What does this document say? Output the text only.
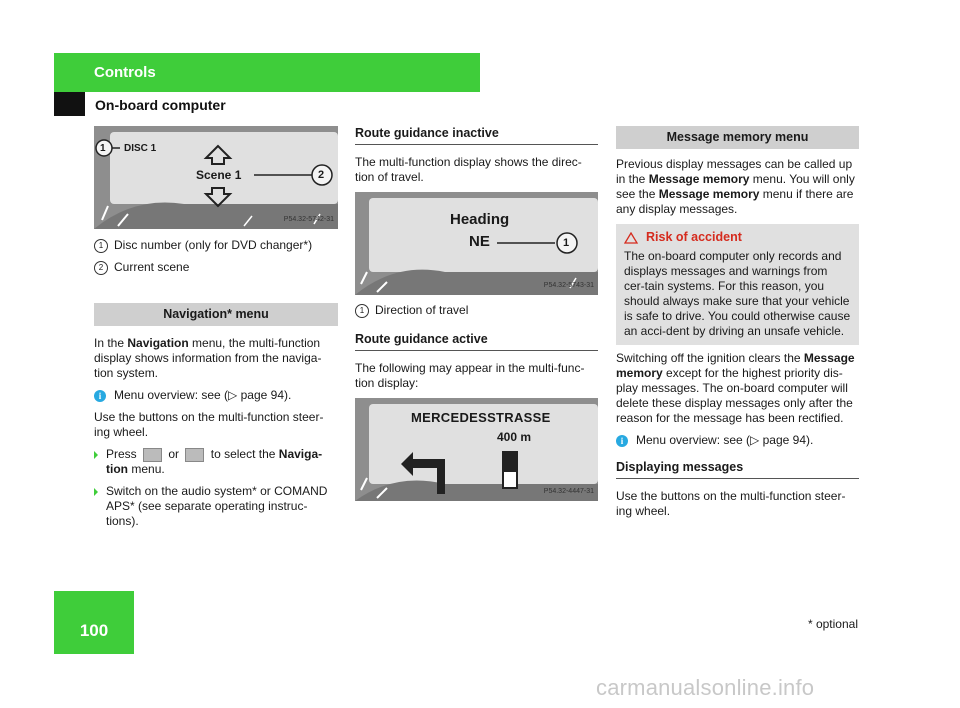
Controls
On-board computer
DISC 1
Scene 1
1
2
P54.32-5742-31
1 Disc number (only for DVD changer*)
2 Current scene
Navigation* menu

In the Navigation menu, the multi-function display shows information from the naviga-tion system.

i	Menu overview: see (▷ page 94).

Use the buttons on the multi-function steer-ing wheel.

Press	or	to select the Naviga-tion menu.
Switch on the audio system* or COMAND APS* (see separate operating instruc-tions).
Route guidance inactive

The multi-function display shows the direc-tion of travel.

Heading
NE	1
P54.32-5743-31
1 Direction of travel
Route guidance active

The following may appear in the multi-func-tion display:

MERCEDESSTRASSE
400 m
P54.32-4447-31
Message memory menu

Previous display messages can be called up in the Message memory menu. You will only see the Message memory menu if there are any display messages.

Risk of accident
The on-board computer only records and displays messages and warnings from cer-tain systems. For this reason, you should always make sure that your vehicle is safe to drive. You could otherwise cause an acci-dent by driving an unsafe vehicle.

Switching off the ignition clears the Message memory except for the highest priority dis-play messages. The on-board computer will delete these display messages only after the reason for the message has been rectified.

i	Menu overview: see (▷ page 94).

Displaying messages

Use the buttons on the multi-function steer-ing wheel.

100	* optional
carmanualsonline.info
